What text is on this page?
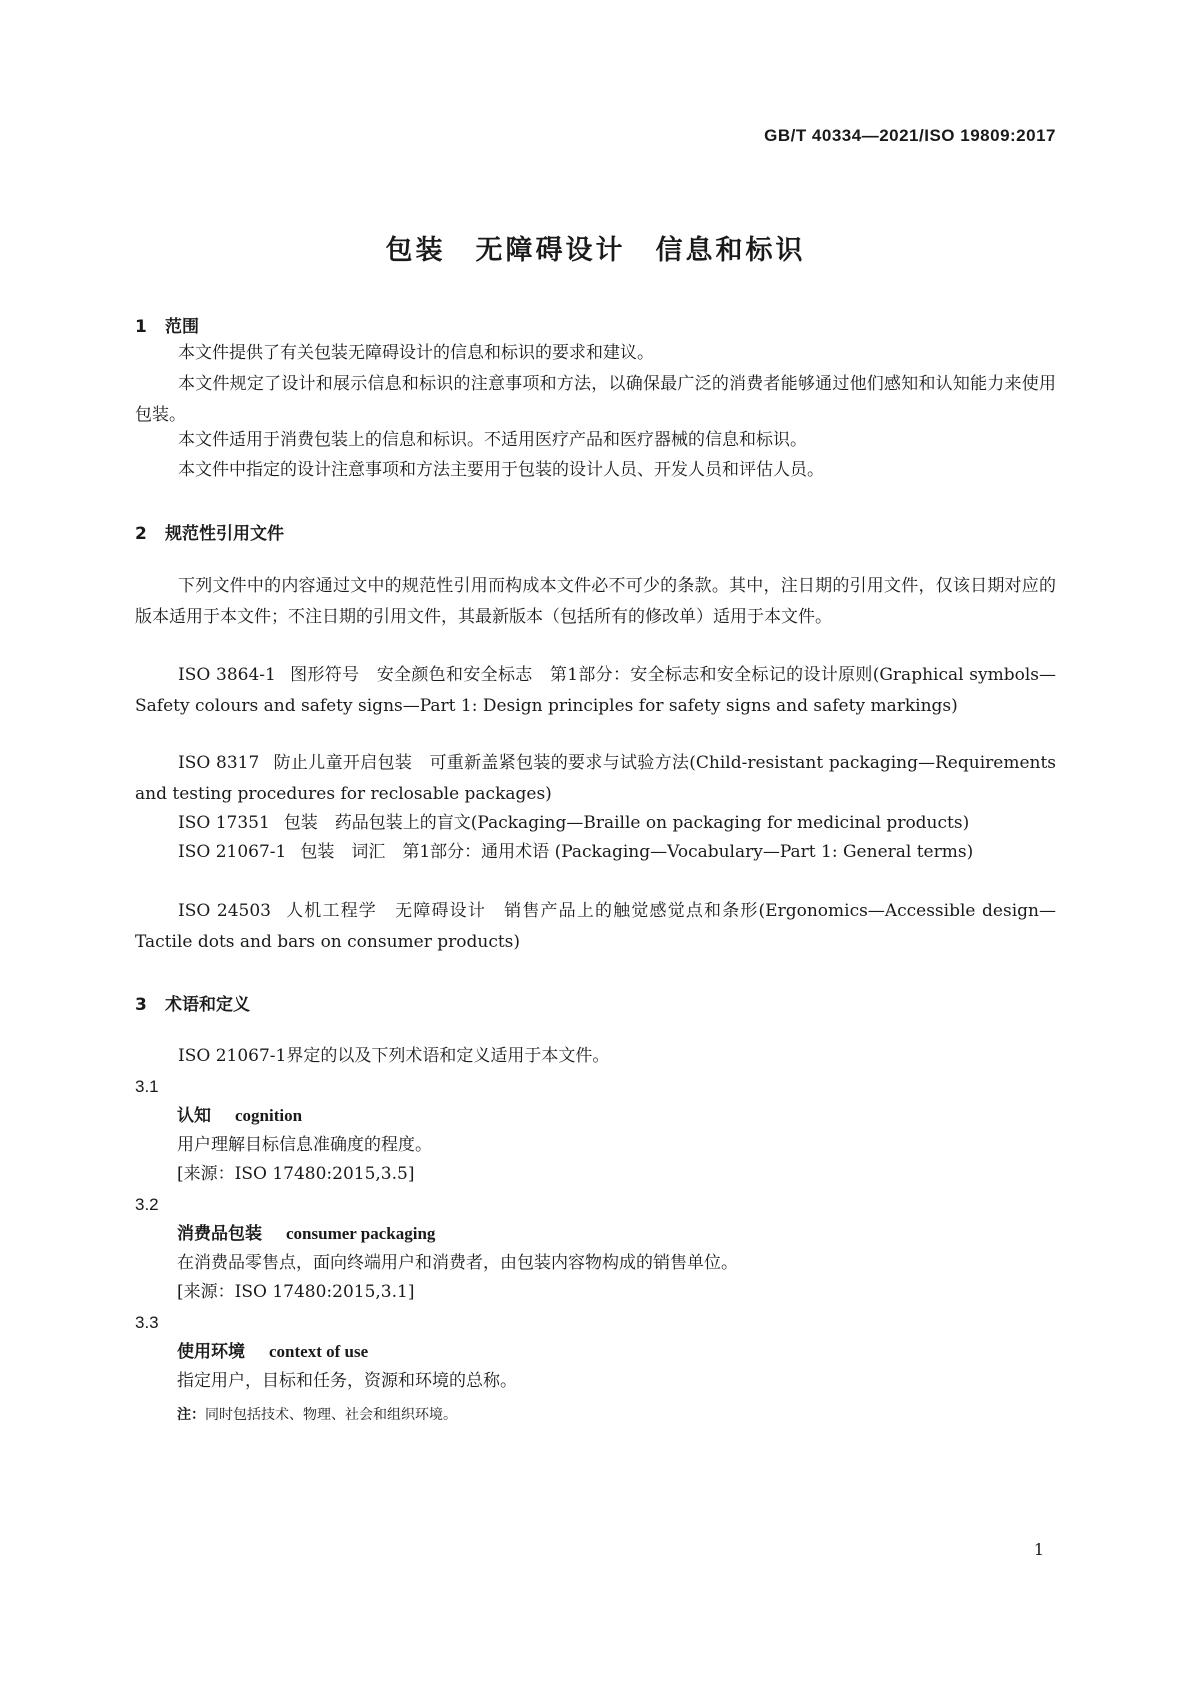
GB/T 40334—2021/ISO 19809:2017
包装　无障碍设计　信息和标识
1 范围
本文件提供了有关包装无障碍设计的信息和标识的要求和建议。
本文件规定了设计和展示信息和标识的注意事项和方法，以确保最广泛的消费者能够通过他们感知和认知能力来使用包装。
本文件适用于消费包装上的信息和标识。不适用医疗产品和医疗器械的信息和标识。
本文件中指定的设计注意事项和方法主要用于包装的设计人员、开发人员和评估人员。
2 规范性引用文件
下列文件中的内容通过文中的规范性引用而构成本文件必不可少的条款。其中，注日期的引用文件，仅该日期对应的版本适用于本文件；不注日期的引用文件，其最新版本（包括所有的修改单）适用于本文件。
ISO 3864-1 图形符号　安全颜色和安全标志　第1部分：安全标志和安全标记的设计原则(Graphical symbols—Safety colours and safety signs—Part 1: Design principles for safety signs and safety markings)
ISO 8317 防止儿童开启包装　可重新盖紧包装的要求与试验方法(Child-resistant packaging—Requirements and testing procedures for reclosable packages)
ISO 17351 包装　药品包装上的盲文(Packaging—Braille on packaging for medicinal products)
ISO 21067-1 包装　词汇　第1部分：通用术语 (Packaging—Vocabulary—Part 1: General terms)
ISO 24503 人机工程学　无障碍设计　销售产品上的触觉感觉点和条形(Ergonomics—Accessible design—Tactile dots and bars on consumer products)
3 术语和定义
ISO 21067-1界定的以及下列术语和定义适用于本文件。
3.1
认知 cognition
用户理解目标信息准确度的程度。
[来源：ISO 17480:2015,3.5]
3.2
消费品包装 consumer packaging
在消费品零售点，面向终端用户和消费者，由包装内容物构成的销售单位。
[来源：ISO 17480:2015,3.1]
3.3
使用环境 context of use
指定用户，目标和任务，资源和环境的总称。
注：同时包括技术、物理、社会和组织环境。
1
